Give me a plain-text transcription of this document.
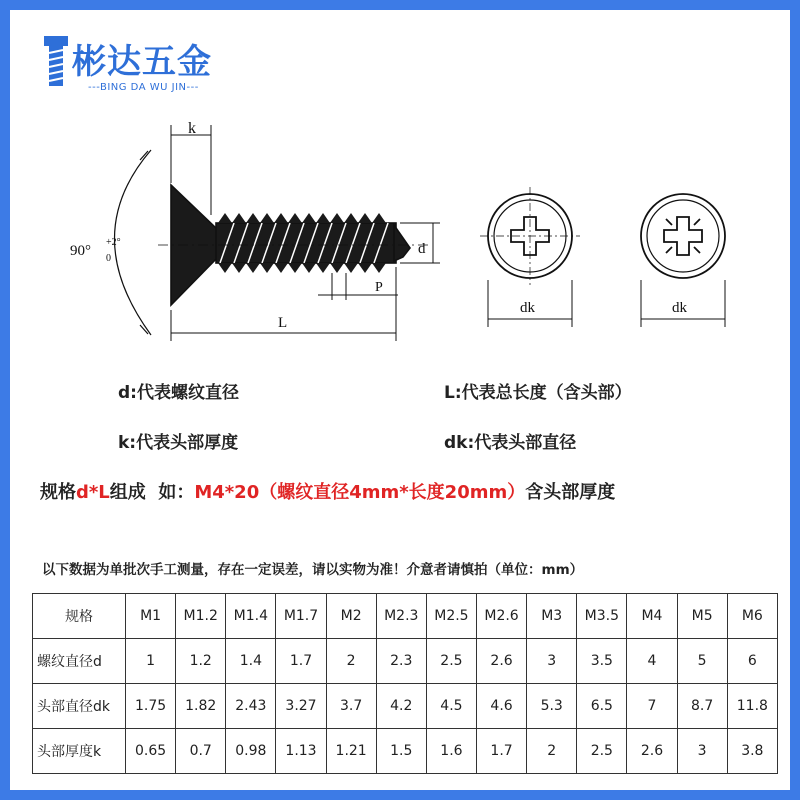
彬达五金
---BING DA WU JIN---
k
90°
+2°
0
d
P
L
dk	dk
d:代表螺纹直径	L:代表总长度（含头部）
k:代表头部厚度	dk:代表头部直径
规格d*L组成  如：M4*20（螺纹直径4mm*长度20mm）含头部厚度
以下数据为单批次手工测量，存在一定误差，请以实物为准！介意者请慎拍（单位：mm）
规格	M1	M1.2	M1.4	M1.7	M2	M2.3	M2.5	M2.6	M3	M3.5	M4	M5	M6
螺纹直径d	1	1.2	1.4	1.7	2	2.3	2.5	2.6	3	3.5	4	5	6
头部直径dk	1.75	1.82	2.43	3.27	3.7	4.2	4.5	4.6	5.3	6.5	7	8.7	11.8
头部厚度k	0.65	0.7	0.98	1.13	1.21	1.5	1.6	1.7	2	2.5	2.6	3	3.8
